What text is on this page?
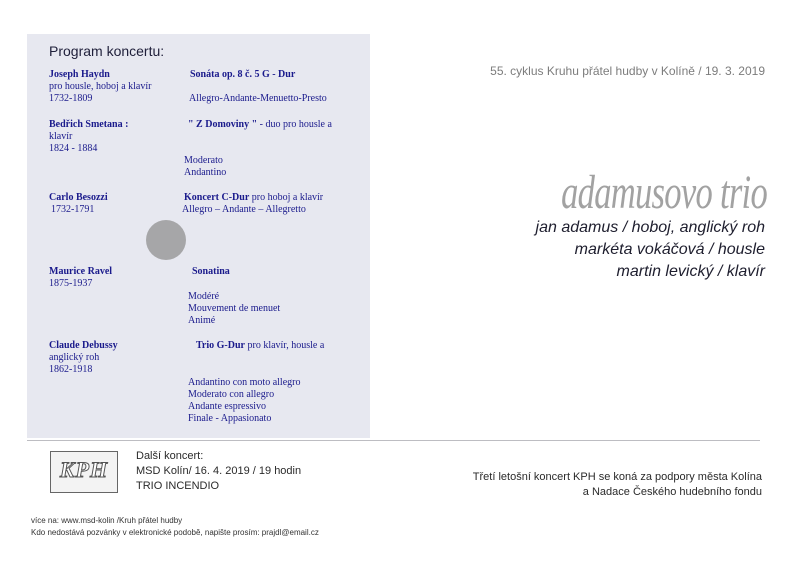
Program koncertu:
Joseph Haydn
pro housle, hoboj a klavír
1732-1809
Sonáta op. 8 č. 5 G - Dur
Allegro-Andante-Menuetto-Presto
Bedřich Smetana :
klavír
1824 - 1884
" Z Domoviny " - duo pro housle a
Moderato
Andantino
Carlo Besozzi
1732-1791
Koncert C-Dur pro hoboj a klavír
Allegro – Andante – Allegretto
Maurice Ravel
1875-1937
Sonatina
Modéré
Mouvement de menuet
Animé
Claude Debussy
anglický roh
1862-1918
Trio G-Dur pro klavír, housle a
Andantino con moto allegro
Moderato con allegro
Andante espressivo
Finale - Appasionato
55. cyklus Kruhu přátel hudby v Kolíně / 19. 3. 2019
adamusovo trio
jan adamus / hoboj, anglický roh
markéta vokáčová / housle
martin levický / klavír
KPH
Další koncert:
MSD Kolín/ 16. 4. 2019 / 19 hodin
TRIO INCENDIO
Třetí letošní koncert KPH se koná za podpory města Kolína
a Nadace Českého hudebního fondu
více na: www.msd-kolin /Kruh přátel hudby
Kdo nedostává pozvánky v elektronické podobě, napište prosím: prajdl@email.cz
